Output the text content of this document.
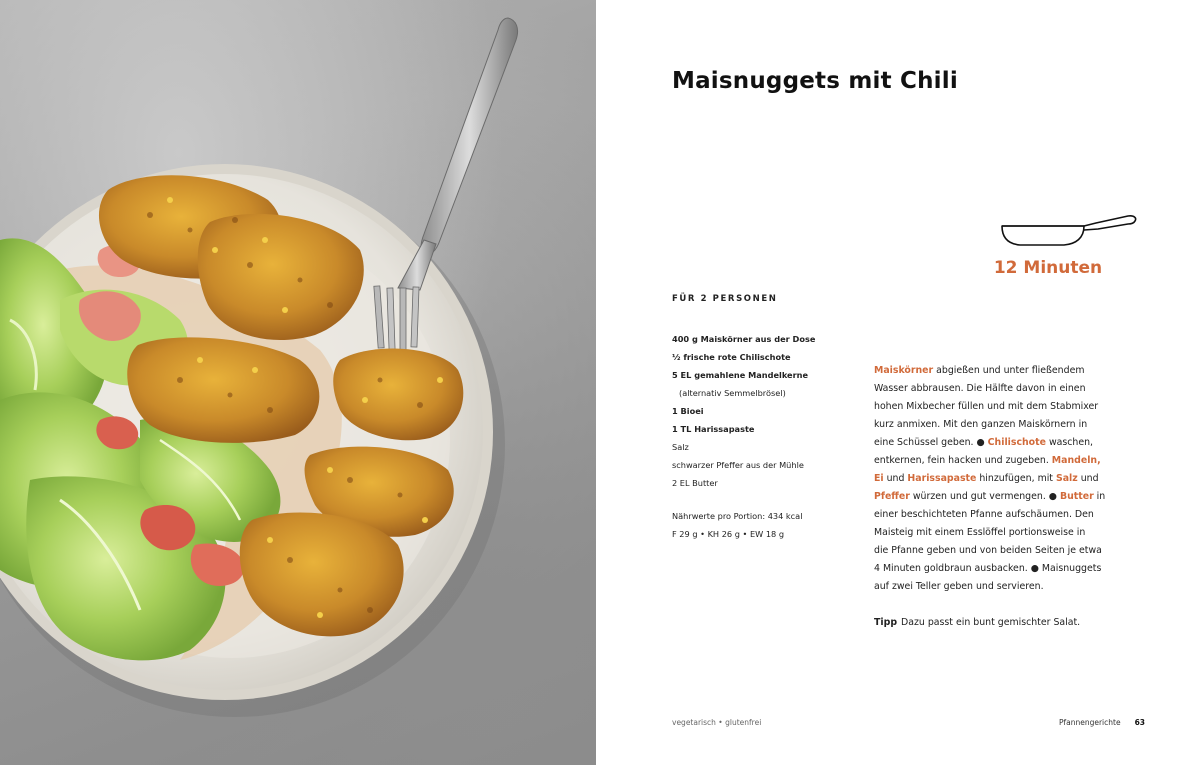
Maisnuggets mit Chili
12 Minuten
FÜR 2 PERSONEN
400 g Maiskörner aus der Dose
½ frische rote Chilischote
5 EL gemahlene Mandelkerne
(alternativ Semmelbrösel)
1 Bioei
1 TL Harissapaste
Salz
schwarzer Pfeffer aus der Mühle
2 EL Butter
Nährwerte pro Portion: 434 kcal
F 29 g • KH 26 g • EW 18 g
Maiskörner abgießen und unter fließendem
Wasser abbrausen. Die Hälfte davon in einen
hohen Mixbecher füllen und mit dem Stabmixer
kurz anmixen. Mit den ganzen Maiskörnern in
eine Schüssel geben. ● Chilischote waschen,
entkernen, fein hacken und zugeben. Mandeln,
Ei und Harissapaste hinzufügen, mit Salz und
Pfeffer würzen und gut vermengen. ● Butter in
einer beschichteten Pfanne aufschäumen. Den
Maisteig mit einem Esslöffel portionsweise in
die Pfanne geben und von beiden Seiten je etwa
4 Minuten goldbraun ausbacken. ● Maisnuggets
auf zwei Teller geben und servieren.
Tipp Dazu passt ein bunt gemischter Salat.
vegetarisch • glutenfrei	Pfannengerichte 63
